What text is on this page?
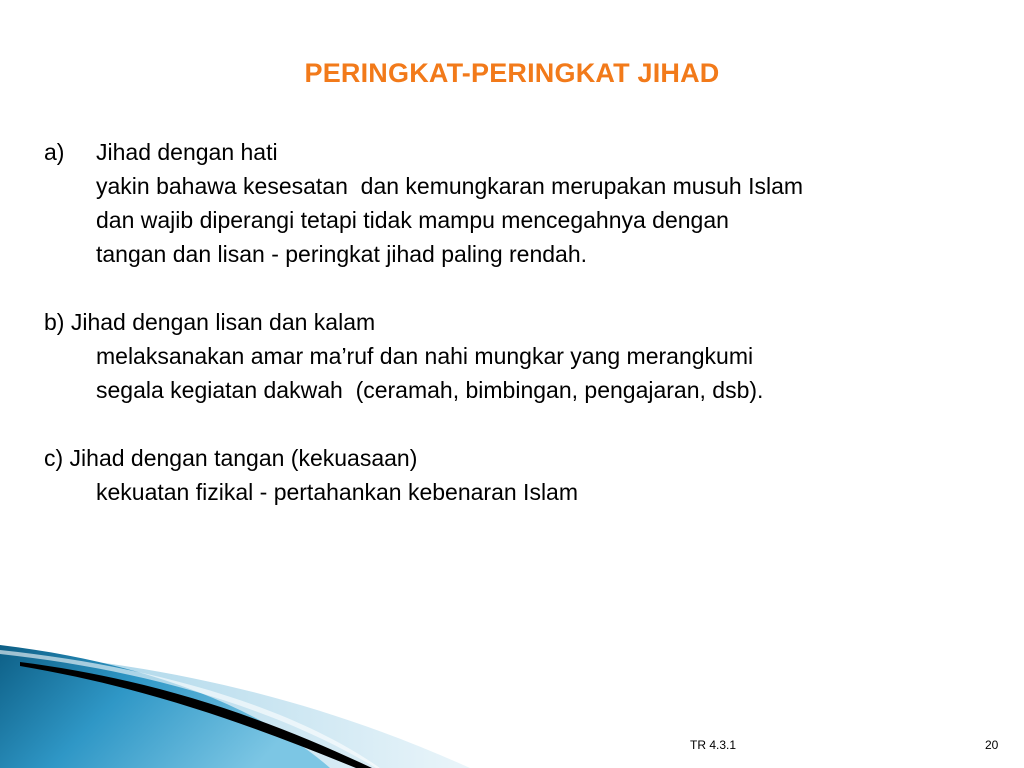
PERINGKAT-PERINGKAT JIHAD
a) Jihad dengan hati
yakin bahawa kesesatan  dan kemungkaran merupakan musuh Islam
dan wajib diperangi tetapi tidak mampu mencegahnya dengan
tangan dan lisan - peringkat jihad paling rendah.
b) Jihad dengan lisan dan kalam
melaksanakan amar ma’ruf dan nahi mungkar yang merangkumi
segala kegiatan dakwah  (ceramah, bimbingan, pengajaran, dsb).
c) Jihad dengan tangan (kekuasaan)
kekuatan fizikal - pertahankan kebenaran Islam
TR 4.3.1	20
